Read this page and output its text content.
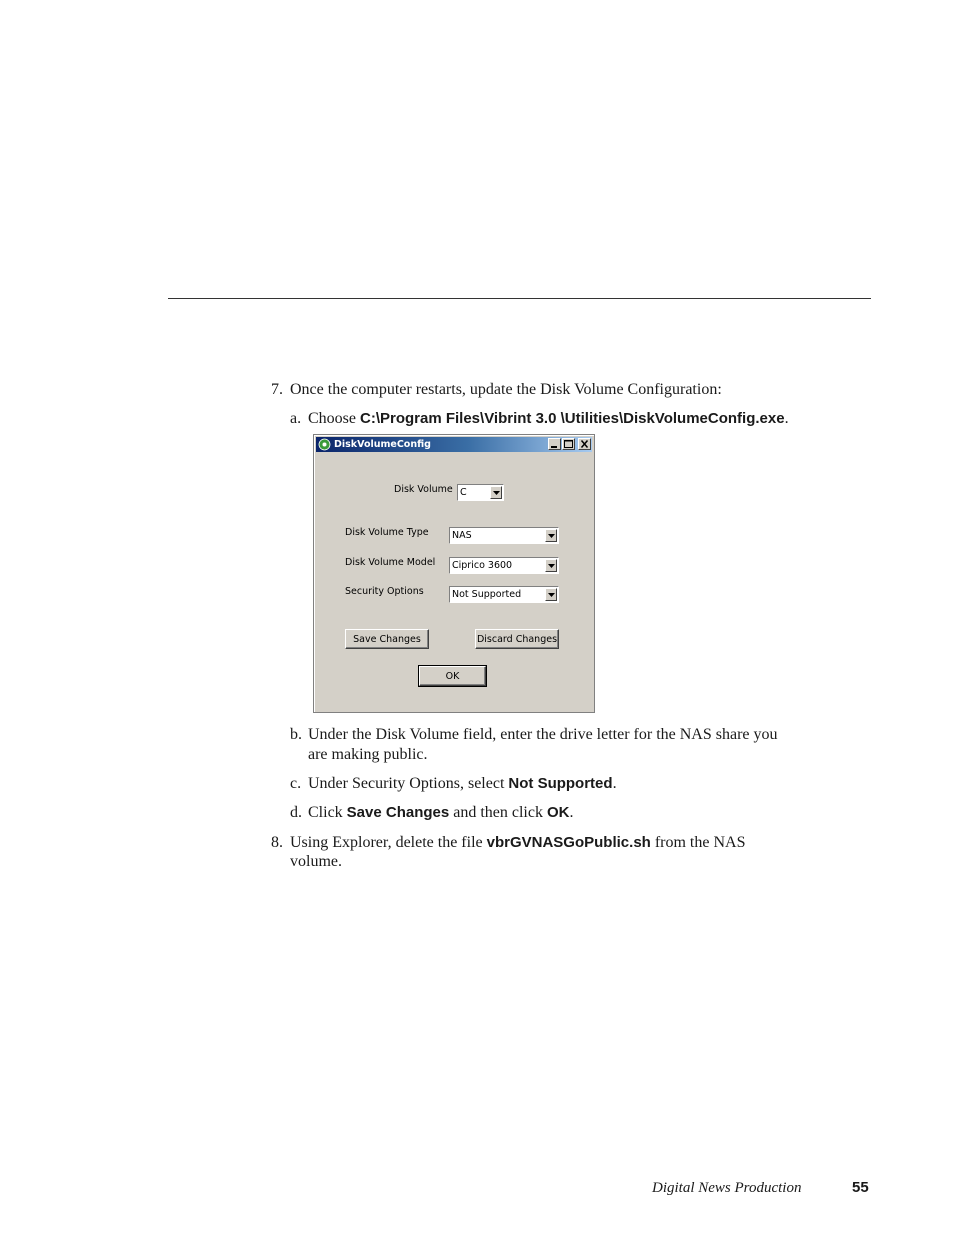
7. Once the computer restarts, update the Disk Volume Configuration:
a. Choose C:\Program Files\Vibrint 3.0 \Utilities\DiskVolumeConfig.exe.
DiskVolumeConfig
Disk Volume C
Disk Volume Type NAS
Disk Volume Model Ciprico 3600
Security Options	Not Supported
Save Changes	Discard Changes
OK
b. Under the Disk Volume field, enter the drive letter for the NAS share you
are making public.
c. Under Security Options, select Not Supported.
d. Click Save Changes and then click OK.
8. Using Explorer, delete the file vbrGVNASGoPublic.sh from the NAS
volume.
Digital News Production	55
